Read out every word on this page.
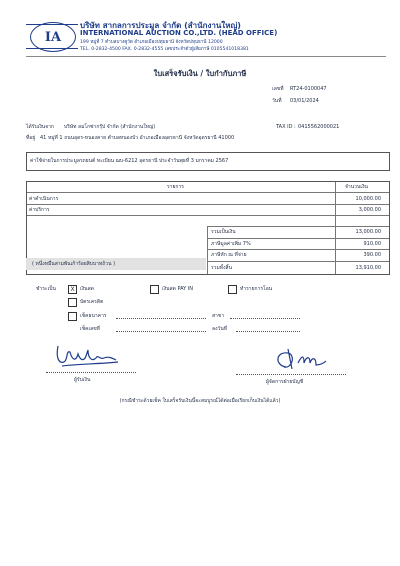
IA
บริษัท สากลการประมูล จำกัด (สำนักงานใหญ่)
INTERNATIONAL AUCTION CO.,LTD. (HEAD OFFICE)
199 หมู่ที่ 7 ตำบลบางคูวัด อำเภอเมืองปทุมธานี จังหวัดปทุมธานี 12000
TEL. 0-2832-4500 FAX. 0-2832-4555 เลขประจำตัวผู้เสียภาษี 0105541018381
ใบเสร็จรับเงิน / ใบกำกับภาษี
เลขที่ RT24-0100047
วันที่ 03/01/2024
ได้รับเงินจาก บริษัท ลมโกซ่ากรุ๊ป จำกัด (สำนักงานใหญ่)	TAX ID : 0415562000021
ที่อยู่ 41 หมู่ที่ 1 ถนนอุดร-หนองคาย ตำบลหนองบัว อำเภอเมืองอุดรธานี จังหวัดอุดรธานี 41000
ค่าใช้จ่ายในการประมูลรถยนต์ ทะเบียน ฌบ-6212 อุดรธานี ประจำวันพุธที่ 3 มกราคม 2567
รายการ	จำนวนเงิน
ค่าดำเนินการ	10,000.00
ค่าบริการ	3,000.00
รวมเป็นเงิน	13,000.00
ภาษีมูลค่าเพิ่ม 7%	910.00
ภาษีหัก ณ ที่จ่าย	390.00
รวมทั้งสิ้น	13,910.00
( หนึ่งหมื่นสามพันเก้าร้อยสิบบาทถ้วน )
ชำระเป็น	X	เงินสด	เงินสด PAY IN	ทำรายการโอน
บัตรเครดิต
เช็คธนาคาร	สาขา
เช็คเลขที่	ลงวันที่
ผู้รับเงิน	ผู้จัดการฝ่ายบัญชี
(กรณีชำระด้วยเช็ค ใบเสร็จรับเงินนี้จะสมบูรณ์ได้ต่อเมื่อเรียกเก็บเงินได้แล้ว)
